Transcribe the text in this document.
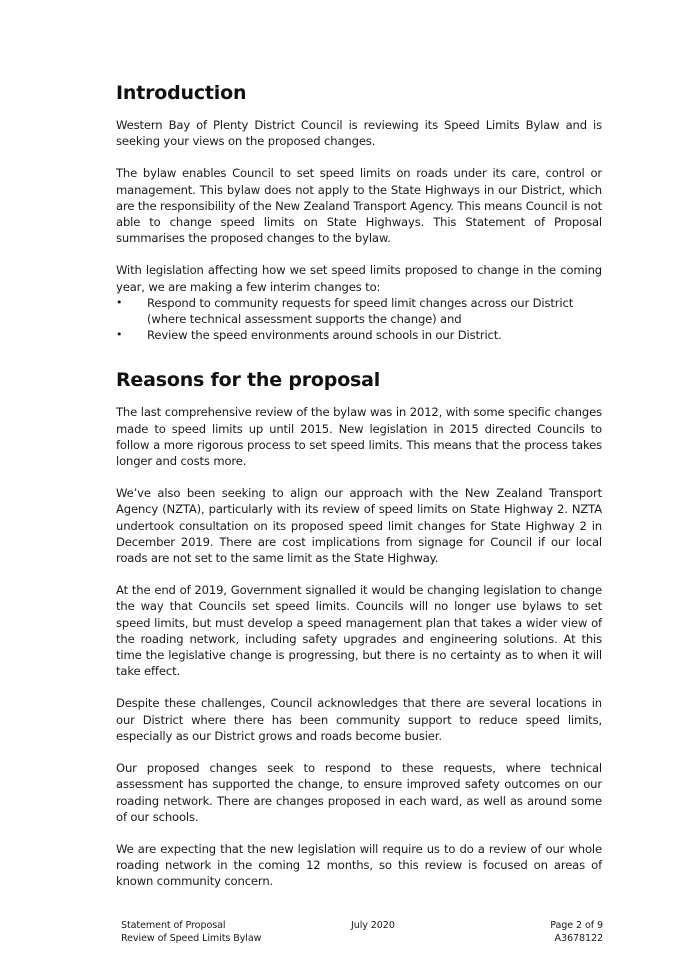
Introduction

Western Bay of Plenty District Council is reviewing its Speed Limits Bylaw and is seeking your views on the proposed changes.

The bylaw enables Council to set speed limits on roads under its care, control or management. This bylaw does not apply to the State Highways in our District, which are the responsibility of the New Zealand Transport Agency. This means Council is not able to change speed limits on State Highways. This Statement of Proposal summarises the proposed changes to the bylaw.

With legislation affecting how we set speed limits proposed to change in the coming year, we are making a few interim changes to:

• Respond to community requests for speed limit changes across our District (where technical assessment supports the change) and
• Review the speed environments around schools in our District.
Reasons for the proposal

The last comprehensive review of the bylaw was in 2012, with some specific changes made to speed limits up until 2015. New legislation in 2015 directed Councils to follow a more rigorous process to set speed limits. This means that the process takes longer and costs more.

We’ve also been seeking to align our approach with the New Zealand Transport Agency (NZTA), particularly with its review of speed limits on State Highway 2. NZTA undertook consultation on its proposed speed limit changes for State Highway 2 in December 2019. There are cost implications from signage for Council if our local roads are not set to the same limit as the State Highway.

At the end of 2019, Government signalled it would be changing legislation to change the way that Councils set speed limits. Councils will no longer use bylaws to set speed limits, but must develop a speed management plan that takes a wider view of the roading network, including safety upgrades and engineering solutions. At this time the legislative change is progressing, but there is no certainty as to when it will take effect.

Despite these challenges, Council acknowledges that there are several locations in our District where there has been community support to reduce speed limits, especially as our District grows and roads become busier.

Our proposed changes seek to respond to these requests, where technical assessment has supported the change, to ensure improved safety outcomes on our roading network. There are changes proposed in each ward, as well as around some of our schools.

We are expecting that the new legislation will require us to do a review of our whole roading network in the coming 12 months, so this review is focused on areas of known community concern.

Statement of Proposal
Review of Speed Limits Bylaw
July 2020	Page 2 of 9
A3678122
